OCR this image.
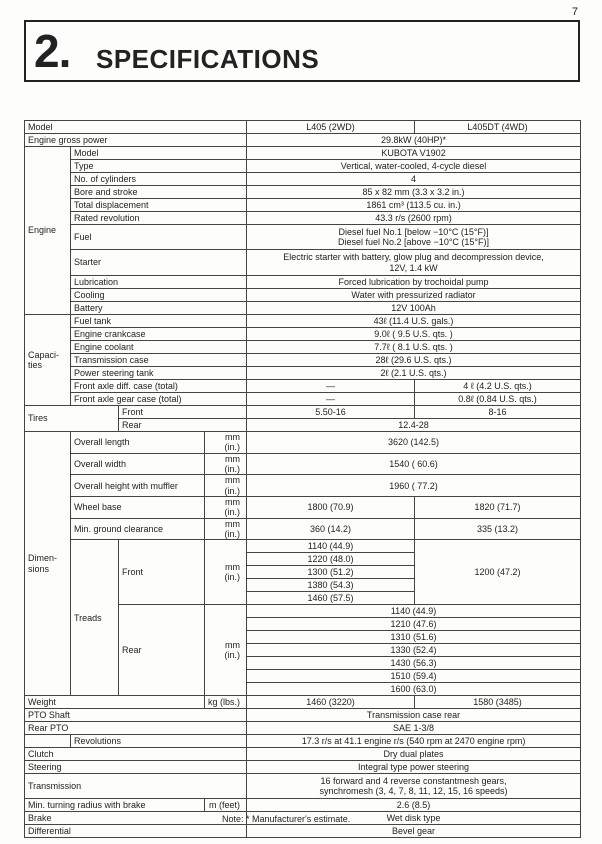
7
2. SPECIFICATIONS
Model				L405 (2WD)	L405DT (4WD)
Engine gross power				29.8kW (40HP)*	
Engine	Model			KUBOTA V1902	
	Type			Vertical, water-cooled, 4-cycle diesel	
	No. of cylinders			4	
	Bore and stroke			85 x 82 mm (3.3 x 3.2 in.)	
	Total displacement			1861 cm³ (113.5 cu. in.)	
	Rated revolution			43.3 r/s (2600 rpm)	
	Fuel			Diesel fuel No.1 [below −10°C (15°F)]
Diesel fuel No.2 [above −10°C (15°F)]	

	Starter			Electric starter with battery, glow plug and decompression device,
12V, 1.4 kW	

	Lubrication			Forced lubrication by trochoidal pump	
	Cooling			Water with pressurized radiator	
	Battery			12V 100Ah	
Capaci-ties	Fuel tank			43ℓ (11.4 U.S. gals.)	
	Engine crankcase			9.0ℓ ( 9.5 U.S. qts. )	
	Engine coolant			7.7ℓ ( 8.1 U.S. qts. )	
	Transmission case			28ℓ (29.6 U.S. qts.)	
	Power steering tank			2ℓ (2.1 U.S. qts.)	
	Front axle diff. case (total)			—	4 ℓ (4.2 U.S. qts.)
	Front axle gear case (total)			—	0.8ℓ (0.84 U.S. qts.)
Tires		Front		5.50-16	8-16
		Rear		12.4-28	
Dimen-sions	Overall length		mm (in.)	3620 (142.5)	
	Overall width		mm (in.)	1540 ( 60.6)	
	Overall height with muffler		mm (in.)	1960 ( 77.2)	
	Wheel base		mm (in.)	1800 (70.9)	1820 (71.7)
	Min. ground clearance		mm (in.)	360 (14.2)	335 (13.2)
	Treads	Front	mm (in.)	1140 (44.9)	1200 (47.2)
				1220 (48.0)	
				1300 (51.2)	
				1380 (54.3)	
				1460 (57.5)	
		Rear	mm (in.)	1140 (44.9)	
				1210 (47.6)	
				1310 (51.6)	
				1330 (52.4)	
				1430 (56.3)	
				1510 (59.4)	
				1600 (63.0)	
Weight			kg (lbs.)	1460 (3220)	1580 (3485)
PTO Shaft				Transmission case rear	
Rear PTO				SAE 1-3/8	
	Revolutions			17.3 r/s at 41.1 engine r/s (540 rpm at 2470 engine rpm)	
Clutch				Dry dual plates	
Steering				Integral type power steering	
Transmission				16 forward and 4 reverse constantmesh gears,
synchromesh (3, 4, 7, 8, 11, 12, 15, 16 speeds)	

Min. turning radius with brake			m (feet)	2.6 (8.5)	
Brake				Wet disk type	
Differential				Bevel gear	
Note: * Manufacturer's estimate.
